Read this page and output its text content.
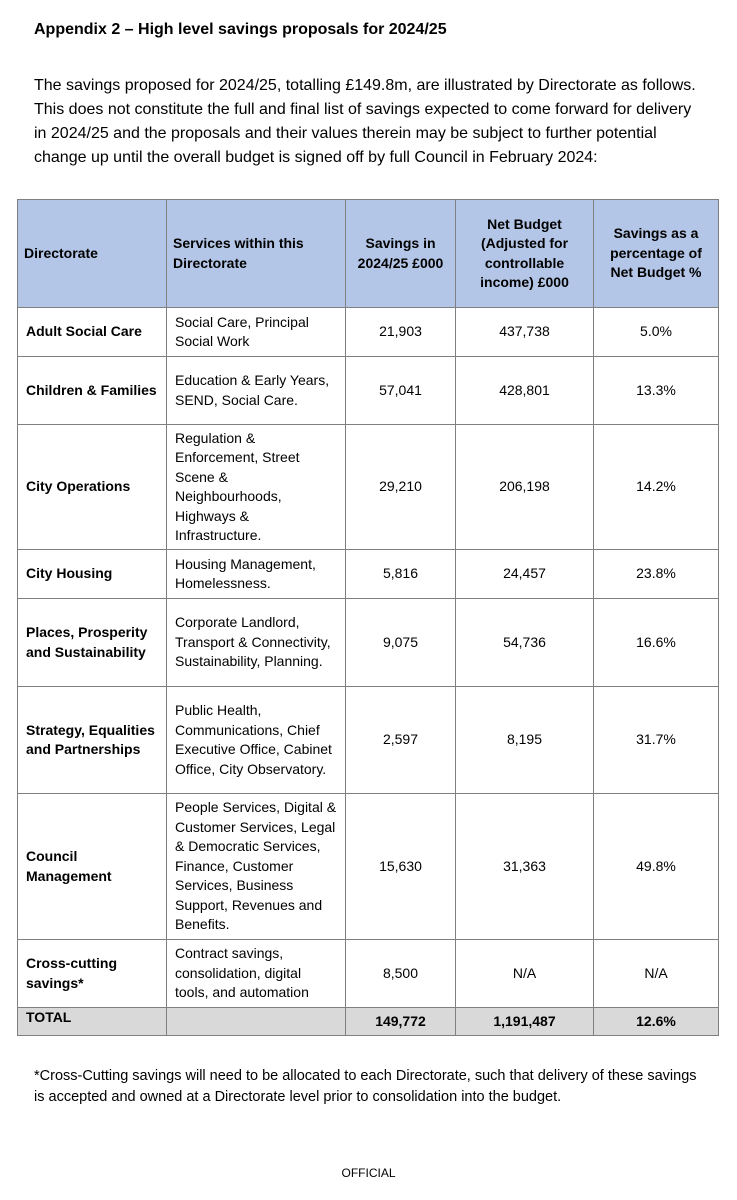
Appendix 2 – High level savings proposals for 2024/25
The savings proposed for 2024/25, totalling £149.8m, are illustrated by Directorate as follows. This does not constitute the full and final list of savings expected to come forward for delivery in 2024/25 and the proposals and their values therein may be subject to further potential change up until the overall budget is signed off by full Council in February 2024:
Directorate	Services within this Directorate	Savings in 2024/25 £000	Net Budget (Adjusted for controllable income) £000	Savings as a percentage of Net Budget %
Adult Social Care	Social Care, Principal Social Work	21,903	437,738	5.0%
Children & Families	Education & Early Years, SEND, Social Care.	57,041	428,801	13.3%
City Operations	Regulation & Enforcement, Street Scene & Neighbourhoods, Highways & Infrastructure.	29,210	206,198	14.2%
City Housing	Housing Management, Homelessness.	5,816	24,457	23.8%
Places, Prosperity and Sustainability	Corporate Landlord, Transport & Connectivity, Sustainability, Planning.	9,075	54,736	16.6%
Strategy, Equalities and Partnerships	Public Health, Communications, Chief Executive Office, Cabinet Office, City Observatory.	2,597	8,195	31.7%
Council Management	People Services, Digital & Customer Services, Legal & Democratic Services, Finance, Customer Services, Business Support, Revenues and Benefits.	15,630	31,363	49.8%
Cross-cutting savings*	Contract savings, consolidation, digital tools, and automation	8,500	N/A	N/A
TOTAL		149,772	1,191,487	12.6%
*Cross-Cutting savings will need to be allocated to each Directorate, such that delivery of these savings is accepted and owned at a Directorate level prior to consolidation into the budget.
OFFICIAL
